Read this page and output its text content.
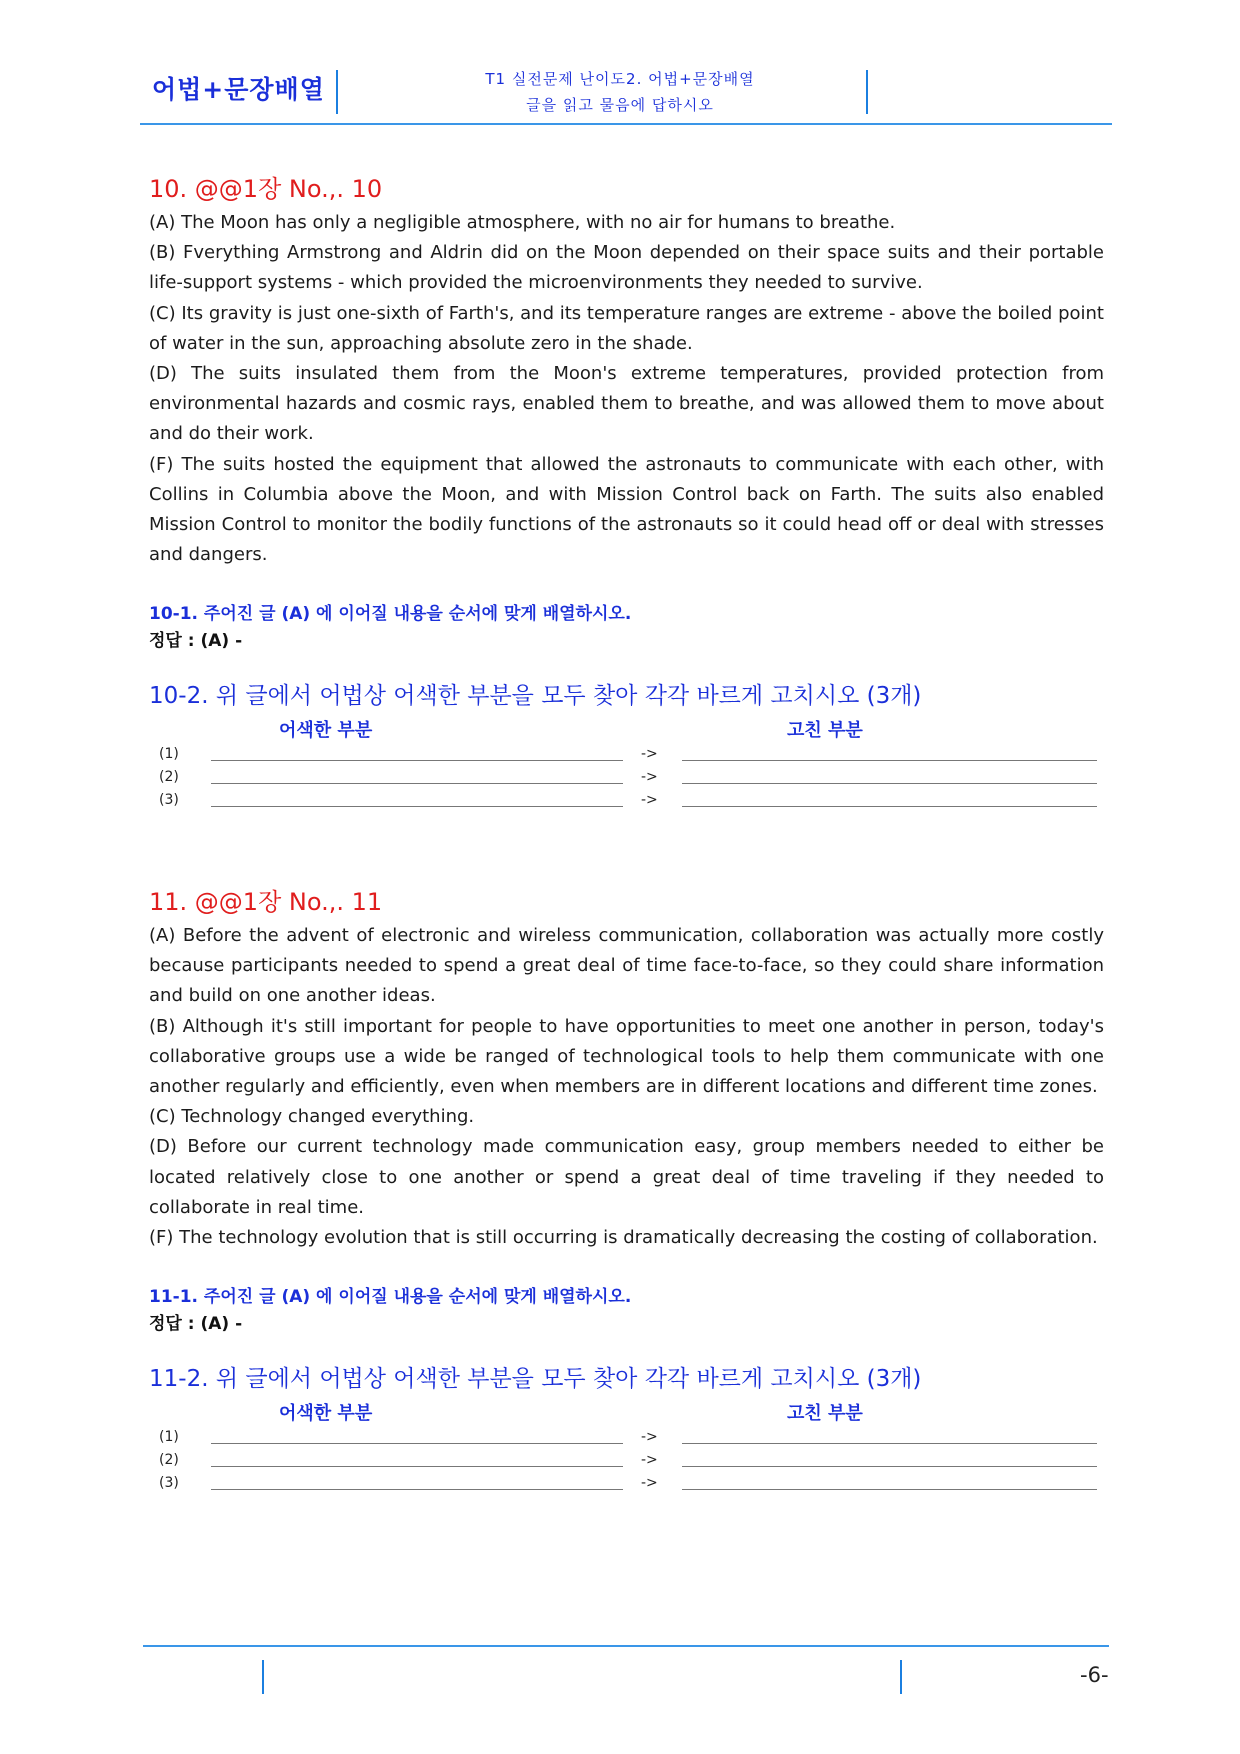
어법+문장배열	T1 실전문제 난이도2. 어법+문장배열
글을 읽고 물음에 답하시오
10. @@1장 No.,. 10

(A) The Moon has only a negligible atmosphere, with no air for humans to breathe.

(B) Fverything Armstrong and Aldrin did on the Moon depended on their space suits and their portable life-support systems - which provided the microenvironments they needed to survive.

(C) Its gravity is just one-sixth of Farth's, and its temperature ranges are extreme - above the boiled point of water in the sun, approaching absolute zero in the shade.

(D) The suits insulated them from the Moon's extreme temperatures, provided protection from environmental hazards and cosmic rays, enabled them to breathe, and was allowed them to move about and do their work.

(F) The suits hosted the equipment that allowed the astronauts to communicate with each other, with Collins in Columbia above the Moon, and with Mission Control back on Farth. The suits also enabled Mission Control to monitor the bodily functions of the astronauts so it could head off or deal with stresses and dangers.

10-1. 주어진 글 (A) 에 이어질 내용을 순서에 맞게 배열하시오.
정답 : (A) -
10-2. 위 글에서 어법상 어색한 부분을 모두 찾아 각각 바르게 고치시오 (3개)
어색한 부분	고친 부분
(1)	->
(2)	->
(3)	->
11. @@1장 No.,. 11

(A) Before the advent of electronic and wireless communication, collaboration was actually more costly because participants needed to spend a great deal of time face-to-face, so they could share information and build on one another ideas.

(B) Although it's still important for people to have opportunities to meet one another in person, today's collaborative groups use a wide be ranged of technological tools to help them communicate with one another regularly and efficiently, even when members are in different locations and different time zones.

(C) Technology changed everything.

(D) Before our current technology made communication easy, group members needed to either be located relatively close to one another or spend a great deal of time traveling if they needed to collaborate in real time.

(F) The technology evolution that is still occurring is dramatically decreasing the costing of collaboration.

11-1. 주어진 글 (A) 에 이어질 내용을 순서에 맞게 배열하시오.
정답 : (A) -
11-2. 위 글에서 어법상 어색한 부분을 모두 찾아 각각 바르게 고치시오 (3개)
어색한 부분	고친 부분
(1)	->
(2)	->
(3)	->
-6-
